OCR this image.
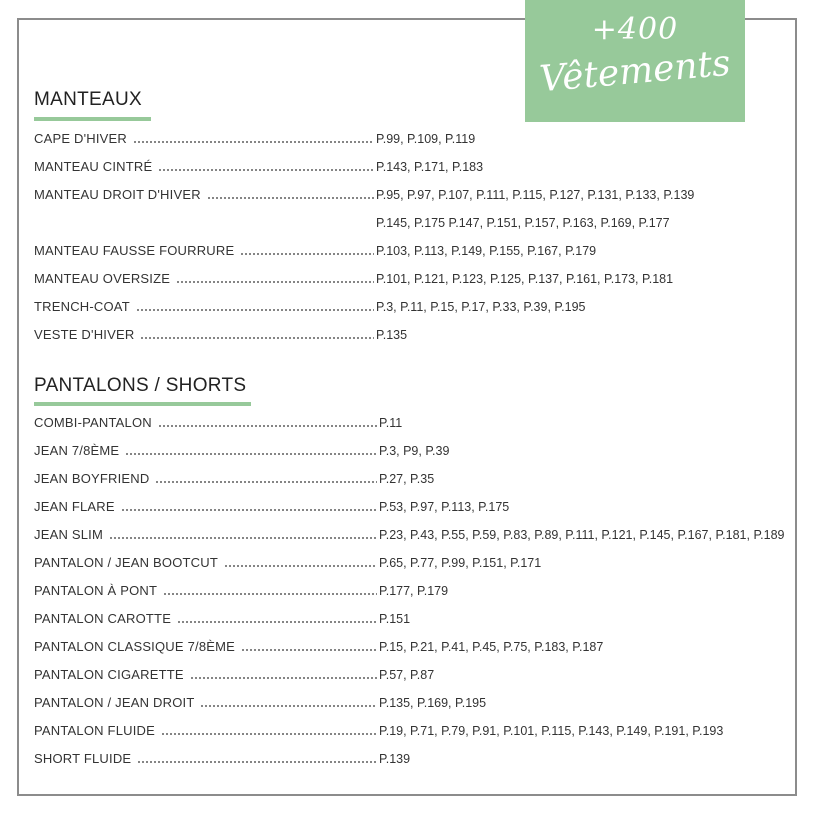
+400
Vêtements
MANTEAUX
CAPE D'HIVER	P.99, P.109, P.119
MANTEAU CINTRÉ	P.143, P.171, P.183
MANTEAU DROIT D'HIVER	P.95, P.97, P.107, P.111, P.115, P.127, P.131, P.133, P.139
P.145, P.175 P.147, P.151, P.157, P.163, P.169, P.177
MANTEAU FAUSSE FOURRURE	P.103, P.113, P.149, P.155, P.167, P.179
MANTEAU OVERSIZE	P.101, P.121, P.123, P.125, P.137, P.161, P.173, P.181
TRENCH-COAT	P.3, P.11, P.15, P.17, P.33, P.39, P.195
VESTE D'HIVER	P.135
PANTALONS / SHORTS
COMBI-PANTALON	P.11
JEAN 7/8ÈME	P.3, P9, P.39
JEAN BOYFRIEND	P.27, P.35
JEAN FLARE	P.53, P.97, P.113, P.175
JEAN SLIM	P.23, P.43, P.55, P.59, P.83, P.89, P.111, P.121, P.145, P.167, P.181, P.189
PANTALON / JEAN BOOTCUT	P.65, P.77, P.99, P.151, P.171
PANTALON À PONT	P.177, P.179
PANTALON CAROTTE	P.151
PANTALON CLASSIQUE 7/8ÈME	P.15, P.21, P.41, P.45, P.75, P.183, P.187
PANTALON CIGARETTE	P.57, P.87
PANTALON / JEAN DROIT	P.135, P.169, P.195
PANTALON FLUIDE	P.19, P.71, P.79, P.91, P.101, P.115, P.143, P.149, P.191, P.193
SHORT FLUIDE	P.139
